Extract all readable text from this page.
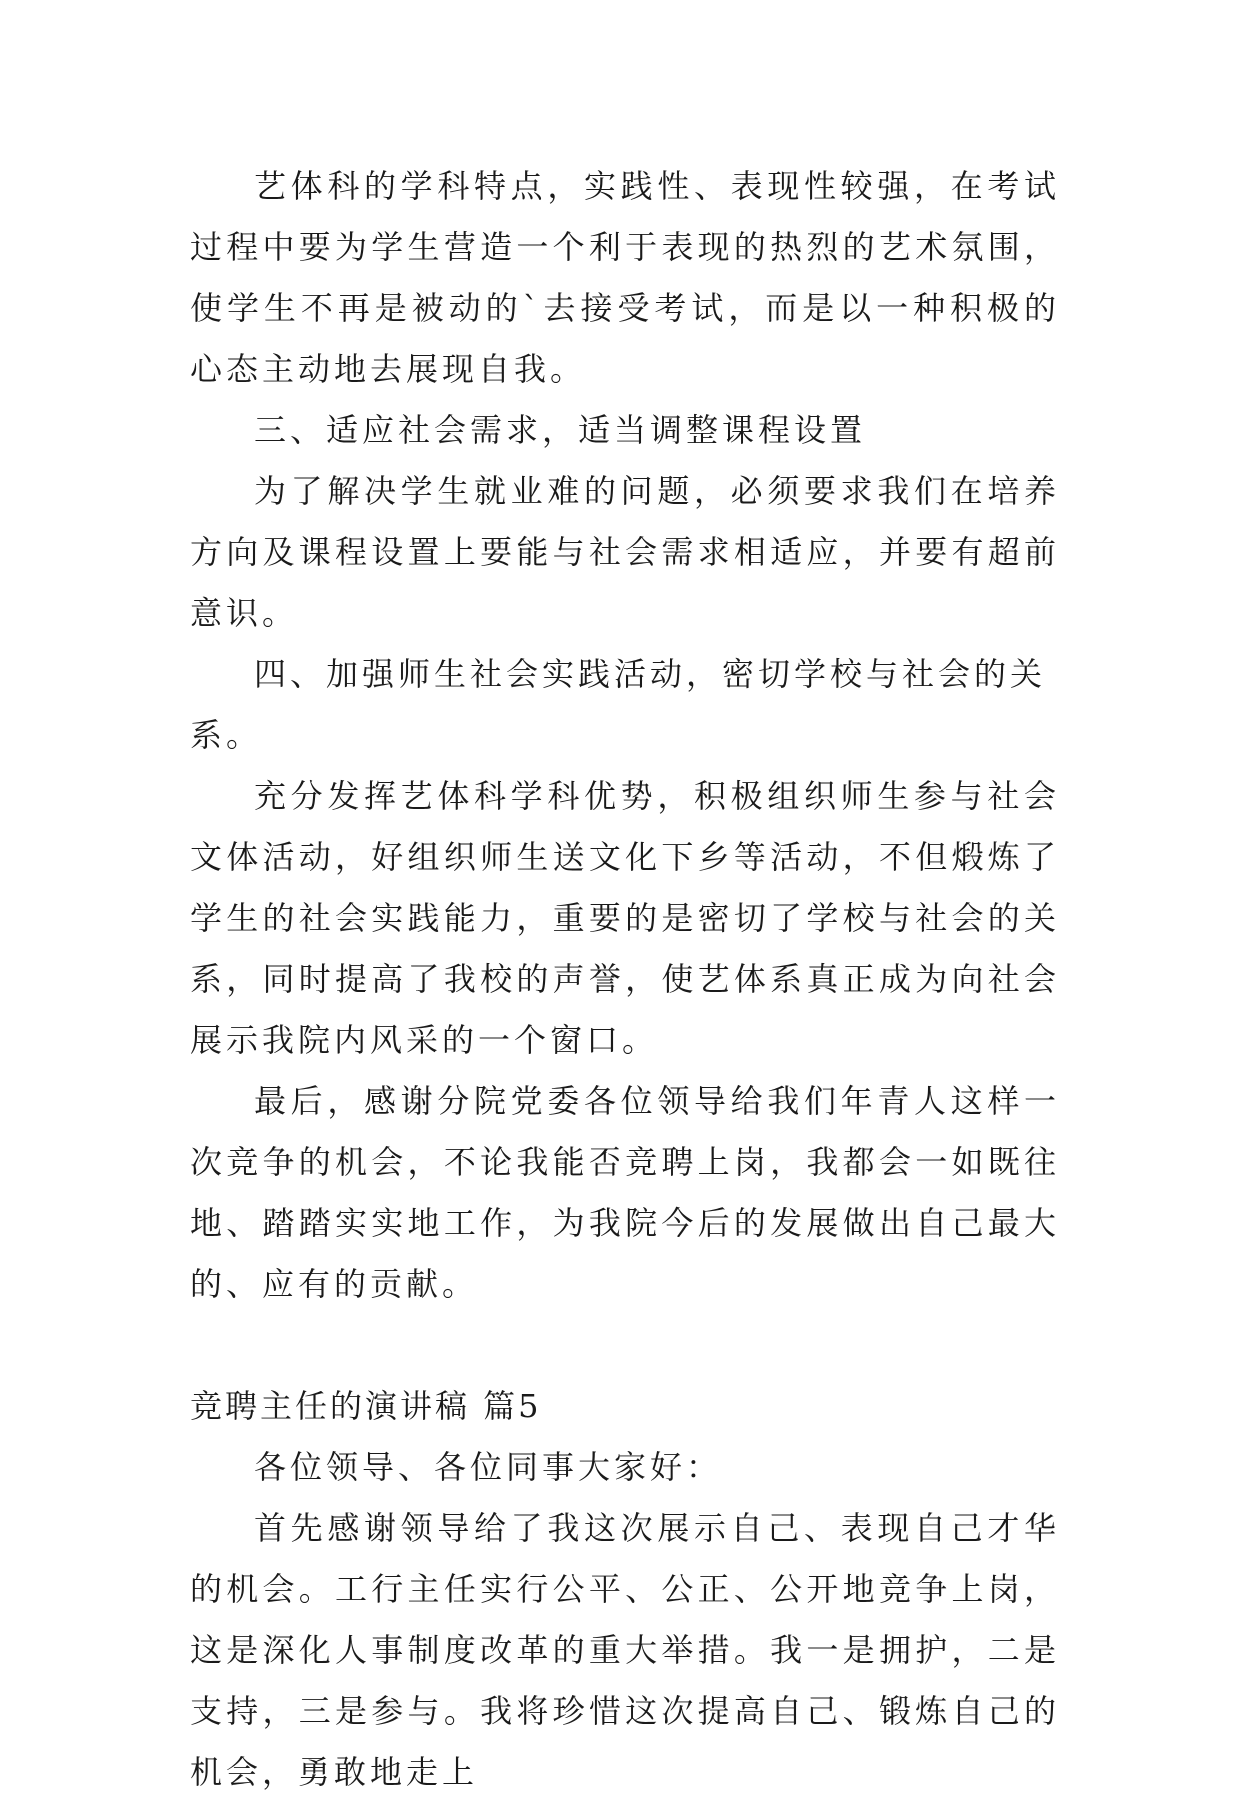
艺体科的学科特点，实践性、表现性较强，在考试过程中要为学生营造一个利于表现的热烈的艺术氛围，使学生不再是被动的`去接受考试，而是以一种积极的心态主动地去展现自我。

三、适应社会需求，适当调整课程设置

为了解决学生就业难的问题，必须要求我们在培养方向及课程设置上要能与社会需求相适应，并要有超前意识。

四、加强师生社会实践活动，密切学校与社会的关系。

充分发挥艺体科学科优势，积极组织师生参与社会文体活动，好组织师生送文化下乡等活动，不但煅炼了学生的社会实践能力，重要的是密切了学校与社会的关系，同时提高了我校的声誉，使艺体系真正成为向社会展示我院内风采的一个窗口。

最后，感谢分院党委各位领导给我们年青人这样一次竞争的机会，不论我能否竞聘上岗，我都会一如既往地、踏踏实实地工作，为我院今后的发展做出自己最大的、应有的贡献。

竞聘主任的演讲稿 篇5

各位领导、各位同事大家好：

首先感谢领导给了我这次展示自己、表现自己才华的机会。工行主任实行公平、公正、公开地竞争上岗，这是深化人事制度改革的重大举措。我一是拥护，二是支持，三是参与。我将珍惜这次提高自己、锻炼自己的机会，勇敢地走上
